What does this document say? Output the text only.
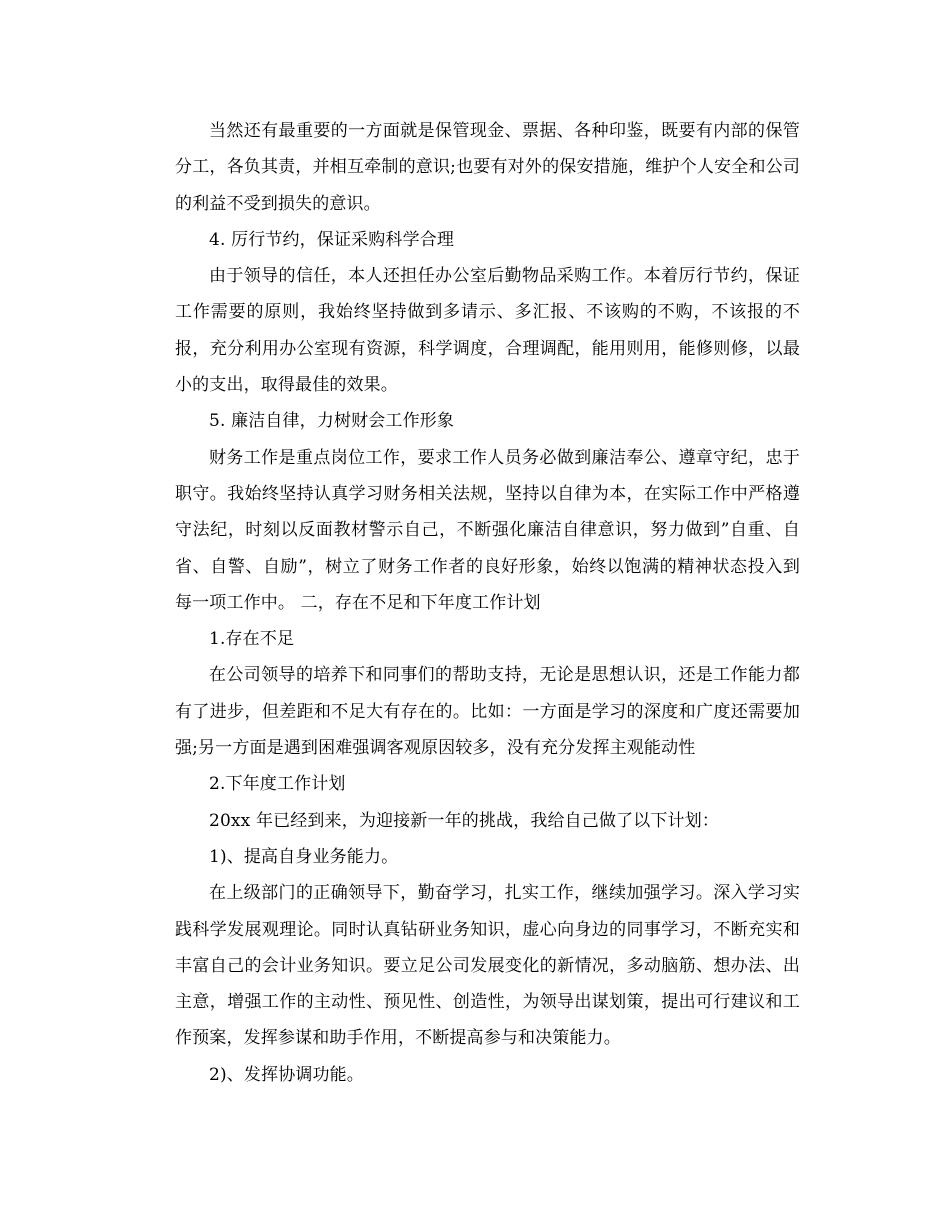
当然还有最重要的一方面就是保管现金、票据、各种印鉴，既要有内部的保管分工，各负其责，并相互牵制的意识;也要有对外的保安措施，维护个人安全和公司的利益不受到损失的意识。

4. 厉行节约，保证采购科学合理

由于领导的信任，本人还担任办公室后勤物品采购工作。本着厉行节约，保证工作需要的原则，我始终坚持做到多请示、多汇报、不该购的不购，不该报的不报，充分利用办公室现有资源，科学调度，合理调配，能用则用，能修则修，以最小的支出，取得最佳的效果。

5. 廉洁自律，力树财会工作形象

财务工作是重点岗位工作，要求工作人员务必做到廉洁奉公、遵章守纪，忠于职守。我始终坚持认真学习财务相关法规，坚持以自律为本，在实际工作中严格遵守法纪，时刻以反面教材警示自己，不断强化廉洁自律意识，努力做到”自重、自省、自警、自励”，树立了财务工作者的良好形象，始终以饱满的精神状态投入到每一项工作中。 二，存在不足和下年度工作计划

1.存在不足

在公司领导的培养下和同事们的帮助支持，无论是思想认识，还是工作能力都有了进步，但差距和不足大有存在的。比如：一方面是学习的深度和广度还需要加强;另一方面是遇到困难强调客观原因较多，没有充分发挥主观能动性

2.下年度工作计划

20xx 年已经到来，为迎接新一年的挑战，我给自己做了以下计划：

1)、提高自身业务能力。

在上级部门的正确领导下，勤奋学习，扎实工作，继续加强学习。深入学习实践科学发展观理论。同时认真钻研业务知识，虚心向身边的同事学习，不断充实和丰富自己的会计业务知识。要立足公司发展变化的新情况，多动脑筋、想办法、出主意，增强工作的主动性、预见性、创造性，为领导出谋划策，提出可行建议和工作预案，发挥参谋和助手作用，不断提高参与和决策能力。

2)、发挥协调功能。
